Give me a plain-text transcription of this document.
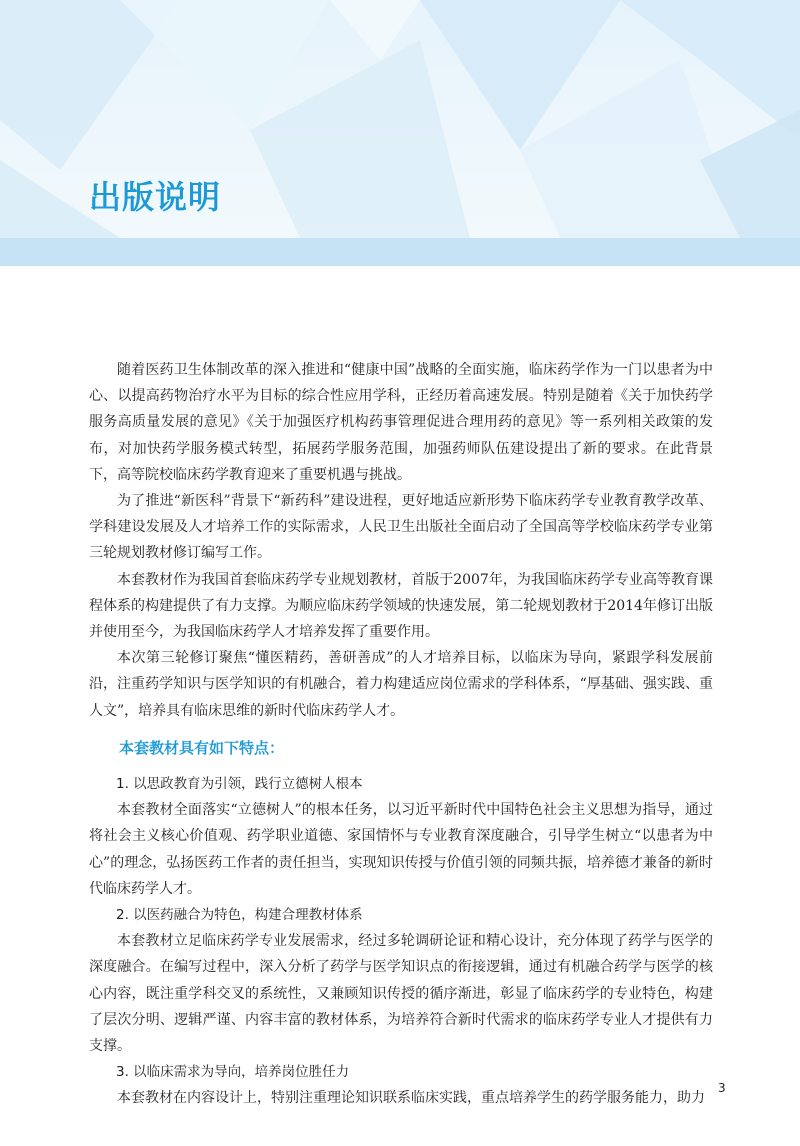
出版说明

随着医药卫生体制改革的深入推进和“健康中国”战略的全面实施，临床药学作为一门以患者为中心、以提高药物治疗水平为目标的综合性应用学科，正经历着高速发展。特别是随着《关于加快药学服务高质量发展的意见》《关于加强医疗机构药事管理促进合理用药的意见》等一系列相关政策的发布，对加快药学服务模式转型，拓展药学服务范围，加强药师队伍建设提出了新的要求。在此背景下，高等院校临床药学教育迎来了重要机遇与挑战。

为了推进“新医科”背景下“新药科”建设进程，更好地适应新形势下临床药学专业教育教学改革、学科建设发展及人才培养工作的实际需求，人民卫生出版社全面启动了全国高等学校临床药学专业第三轮规划教材修订编写工作。

本套教材作为我国首套临床药学专业规划教材，首版于2007年，为我国临床药学专业高等教育课程体系的构建提供了有力支撑。为顺应临床药学领域的快速发展，第二轮规划教材于2014年修订出版并使用至今，为我国临床药学人才培养发挥了重要作用。

本次第三轮修订聚焦“懂医精药，善研善成”的人才培养目标，以临床为导向，紧跟学科发展前沿，注重药学知识与医学知识的有机融合，着力构建适应岗位需求的学科体系，“厚基础、强实践、重人文”，培养具有临床思维的新时代临床药学人才。

本套教材具有如下特点：

1. 以思政教育为引领，践行立德树人根本

本套教材全面落实“立德树人”的根本任务，以习近平新时代中国特色社会主义思想为指导，通过将社会主义核心价值观、药学职业道德、家国情怀与专业教育深度融合，引导学生树立“以患者为中心”的理念，弘扬医药工作者的责任担当，实现知识传授与价值引领的同频共振，培养德才兼备的新时代临床药学人才。

2. 以医药融合为特色，构建合理教材体系

本套教材立足临床药学专业发展需求，经过多轮调研论证和精心设计，充分体现了药学与医学的深度融合。在编写过程中，深入分析了药学与医学知识点的衔接逻辑，通过有机融合药学与医学的核心内容，既注重学科交叉的系统性，又兼顾知识传授的循序渐进，彰显了临床药学的专业特色，构建了层次分明、逻辑严谨、内容丰富的教材体系，为培养符合新时代需求的临床药学专业人才提供有力支撑。

3. 以临床需求为导向，培养岗位胜任力

本套教材在内容设计上，特别注重理论知识联系临床实践，重点培养学生的药学服务能力，助力

3
